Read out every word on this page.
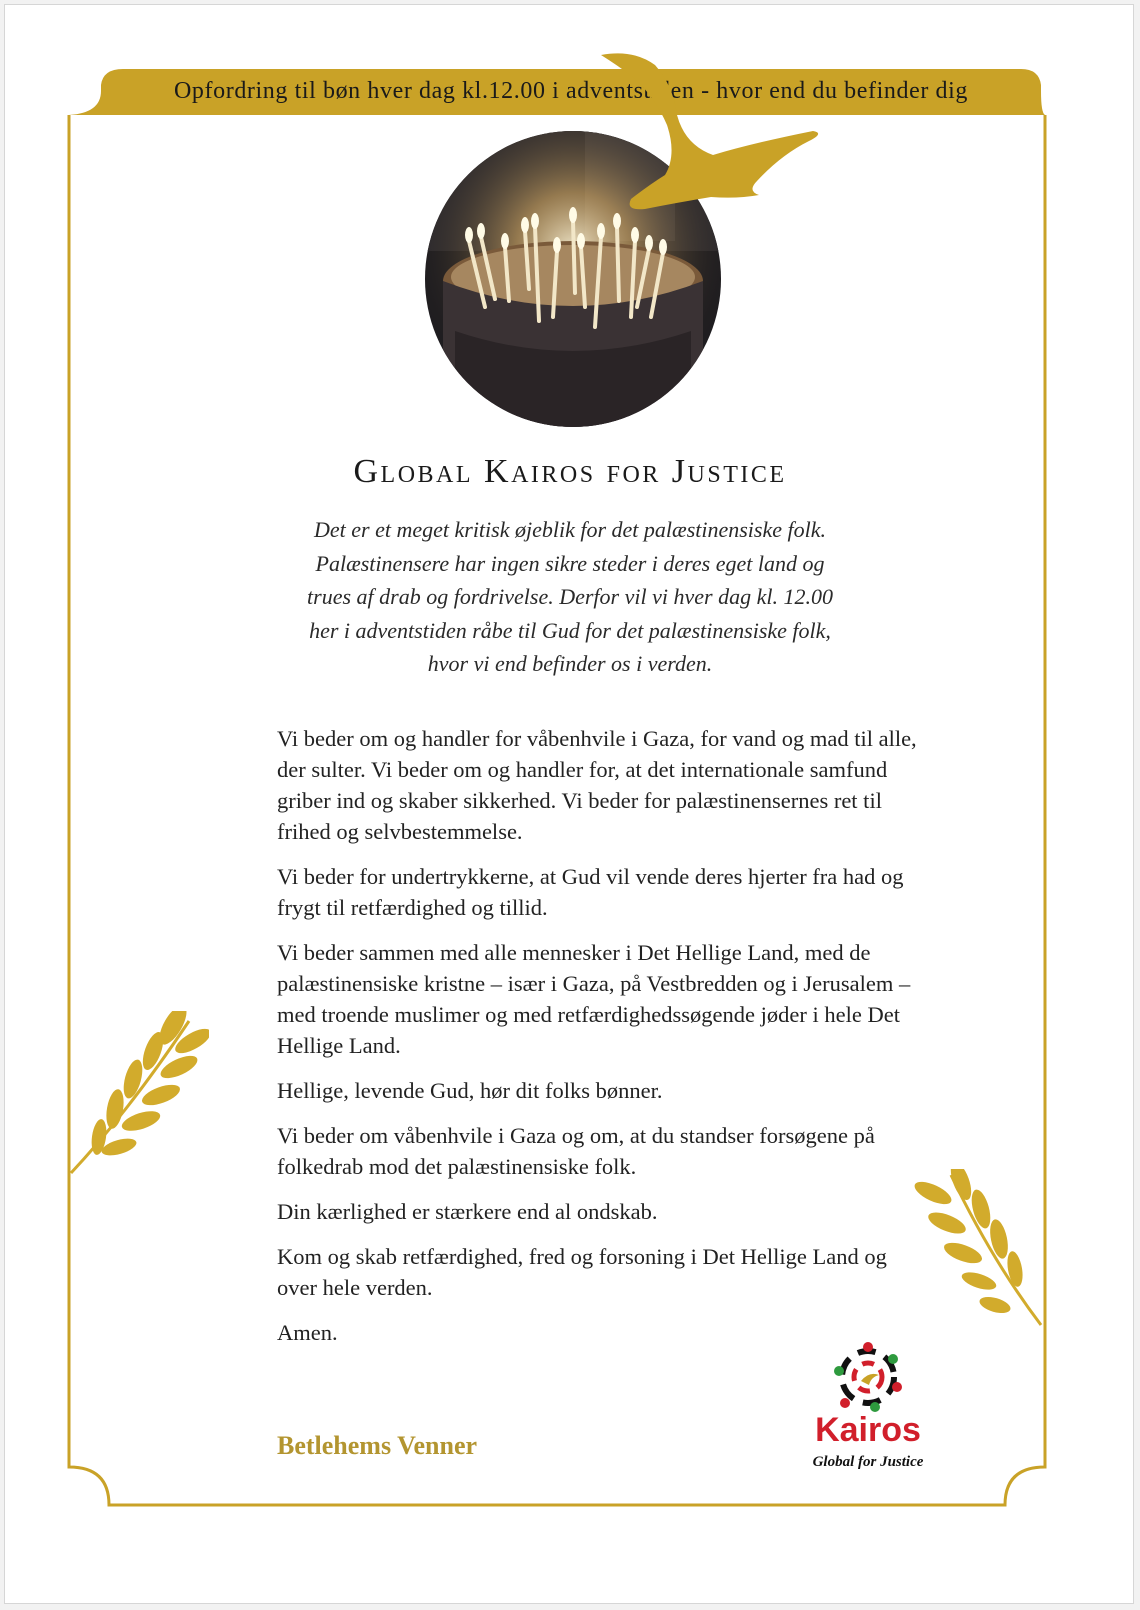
Opfordring til bøn hver dag kl.12.00 i adventstiden - hvor end du befinder dig
Global Kairos for Justice

Det er et meget kritisk øjeblik for det palæstinensiske folk.

Palæstinensere har ingen sikre steder i deres eget land og

trues af drab og fordrivelse. Derfor vil vi hver dag kl. 12.00

her i adventstiden råbe til Gud for det palæstinensiske folk,

hvor vi end befinder os i verden.

Vi beder om og handler for våbenhvile i Gaza, for vand og mad til alle, der sulter. Vi beder om og handler for, at det internationale samfund griber ind og skaber sikkerhed. Vi beder for palæstinensernes ret til frihed og selvbestemmelse.

Vi beder for undertrykkerne, at Gud vil vende deres hjerter fra had og frygt til retfærdighed og tillid.

Vi beder sammen med alle mennesker i Det Hellige Land, med de palæstinensiske kristne – især i Gaza, på Vestbredden og i Jerusalem – med troende muslimer og med retfærdighedssøgende jøder i hele Det Hellige Land.

Hellige, levende Gud, hør dit folks bønner.

Vi beder om våbenhvile i Gaza og om, at du standser forsøgene på folkedrab mod det palæstinensiske folk.

Din kærlighed er stærkere end al ondskab.

Kom og skab retfærdighed, fred og forsoning i Det Hellige Land og over hele verden.

Amen.

Betlehems Venner	Kairos
Global for Justice
